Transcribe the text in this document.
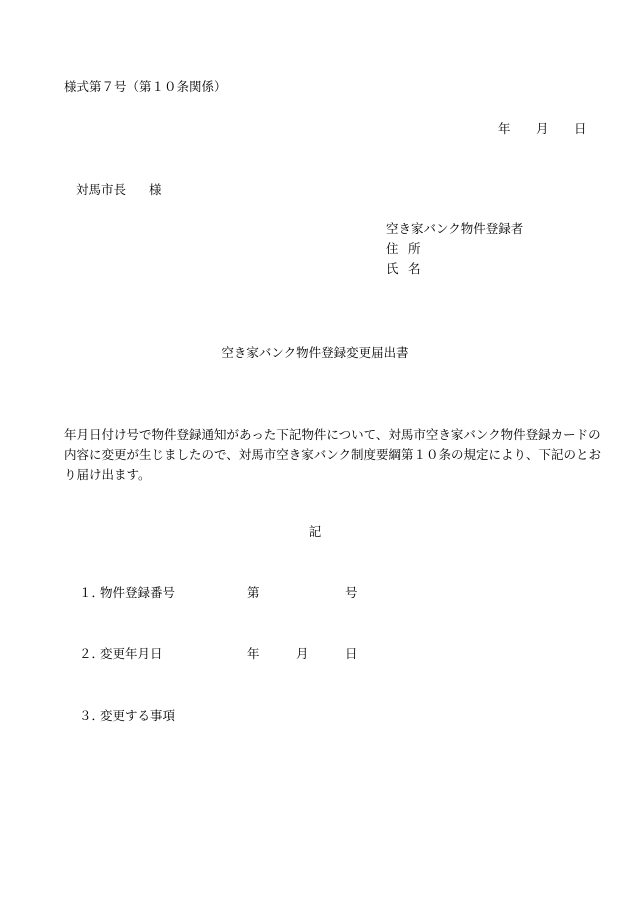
様式第７号（第１０条関係）
年 月 日
対馬市長 様
空き家バンク物件登録者
住 所
氏 名
空き家バンク物件登録変更届出書
年月日付け号で物件登録通知があった下記物件について、対馬市空き家バンク物件登録カードの内容に変更が生じましたので、対馬市空き家バンク制度要綱第１０条の規定により、下記のとおり届け出ます。
記
１．物件登録番号	第	号
２．変更年月日	年	月	日
３．変更する事項
